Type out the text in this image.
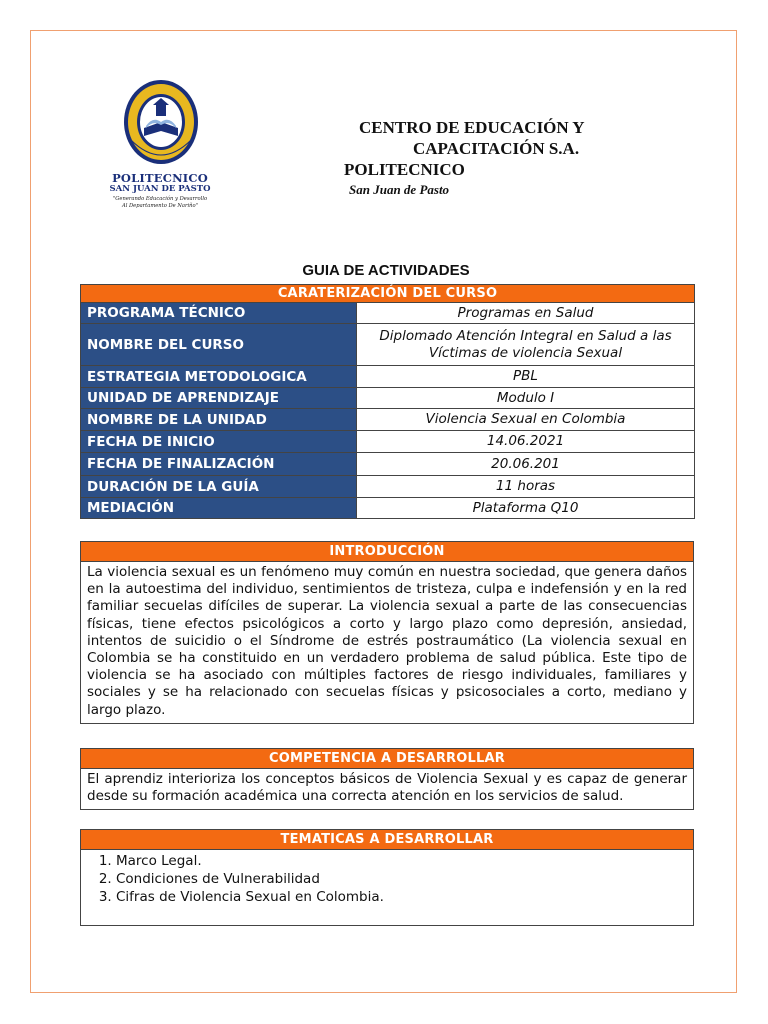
POLITECNICO
SAN JUAN DE PASTO
"Generando Educación y Desarrollo
Al Departamento De Nariño"
CENTRO DE EDUCACIÓN Y
CAPACITACIÓN S.A.
POLITECNICO
San Juan de Pasto
GUIA DE ACTIVIDADES
CARATERIZACIÓN DEL CURSO	
PROGRAMA TÉCNICO	Programas en Salud
NOMBRE DEL CURSO	Diplomado Atención Integral en Salud a las Víctimas de violencia Sexual
ESTRATEGIA METODOLOGICA	PBL
UNIDAD DE APRENDIZAJE	Modulo I
NOMBRE DE LA UNIDAD	Violencia Sexual en Colombia
FECHA DE INICIO	14.06.2021
FECHA DE FINALIZACIÓN	20.06.201
DURACIÓN DE LA GUÍA	11 horas
MEDIACIÓN	Plataforma Q10
INTRODUCCIÓN
La violencia sexual es un fenómeno muy común en nuestra sociedad, que genera daños en la autoestima del individuo, sentimientos de tristeza, culpa e indefensión y en la red familiar secuelas difíciles de superar. La violencia sexual a parte de las consecuencias físicas, tiene efectos psicológicos a corto y largo plazo como depresión, ansiedad, intentos de suicidio o el Síndrome de estrés postraumático (La violencia sexual en Colombia se ha constituido en un verdadero problema de salud pública. Este tipo de violencia se ha asociado con múltiples factores de riesgo individuales, familiares y sociales y se ha relacionado con secuelas físicas y psicosociales a corto, mediano y largo plazo.
COMPETENCIA A DESARROLLAR
El aprendiz interioriza los conceptos básicos de Violencia Sexual y es capaz de generar desde su formación académica una correcta atención en los servicios de salud.
TEMATICAS A DESARROLLAR
1. Marco Legal.
2. Condiciones de Vulnerabilidad
3. Cifras de Violencia Sexual en Colombia.
